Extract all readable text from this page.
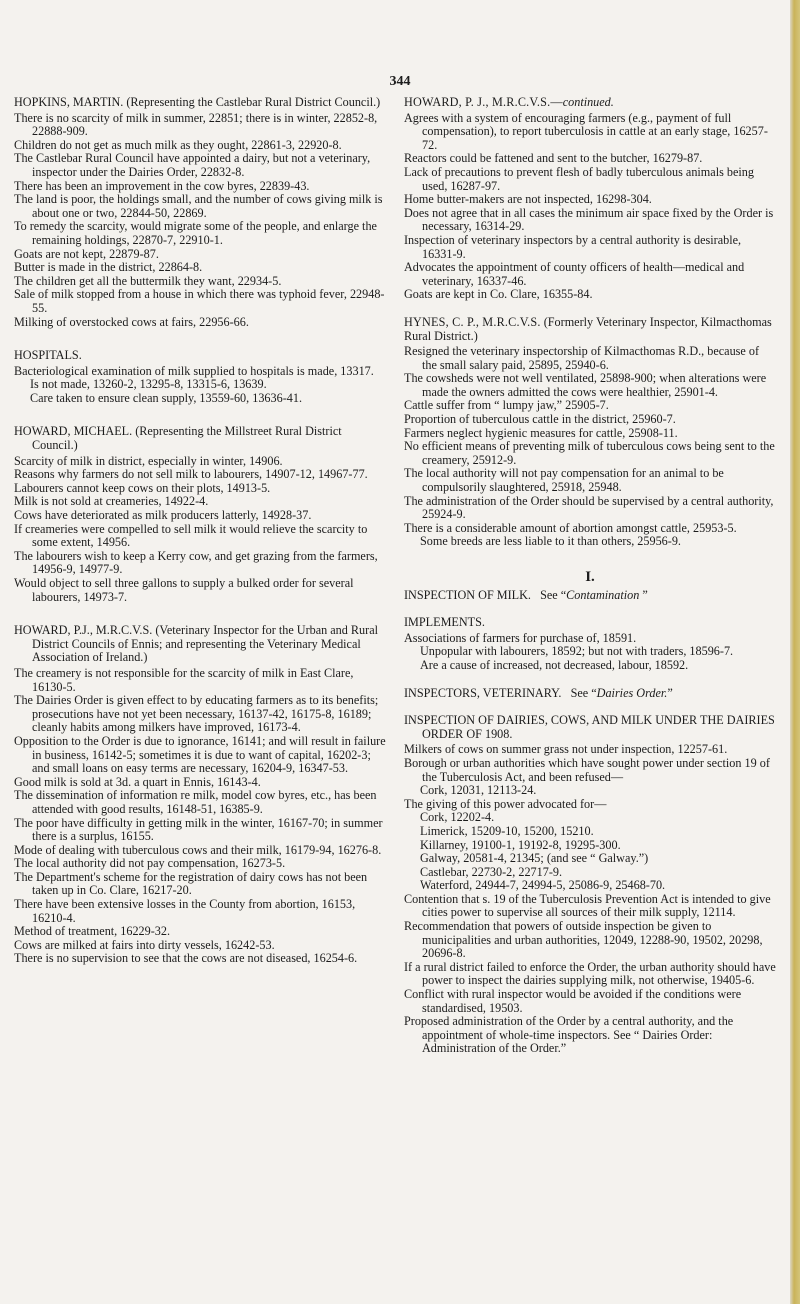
344
HOPKINS, MARTIN. (Representing the Castlebar Rural District Council.)

There is no scarcity of milk in summer, 22851; there is in winter, 22852-8, 22888-909.

Children do not get as much milk as they ought, 22861-3, 22920-8.

The Castlebar Rural Council have appointed a dairy, but not a veterinary, inspector under the Dairies Order, 22832-8.

There has been an improvement in the cow byres, 22839-43.

The land is poor, the holdings small, and the number of cows giving milk is about one or two, 22844-50, 22869.

To remedy the scarcity, would migrate some of the people, and enlarge the remaining holdings, 22870-7, 22910-1.

Goats are not kept, 22879-87.

Butter is made in the district, 22864-8.

The children get all the buttermilk they want, 22934-5.

Sale of milk stopped from a house in which there was typhoid fever, 22948-55.

Milking of overstocked cows at fairs, 22956-66.

HOSPITALS.

Bacteriological examination of milk supplied to hospitals is made, 13317.

Is not made, 13260-2, 13295-8, 13315-6, 13639.

Care taken to ensure clean supply, 13559-60, 13636-41.

HOWARD, MICHAEL. (Representing the Millstreet Rural District Council.)

Scarcity of milk in district, especially in winter, 14906.

Reasons why farmers do not sell milk to labourers, 14907-12, 14967-77.

Labourers cannot keep cows on their plots, 14913-5.

Milk is not sold at creameries, 14922-4.

Cows have deteriorated as milk producers latterly, 14928-37.

If creameries were compelled to sell milk it would relieve the scarcity to some extent, 14956.

The labourers wish to keep a Kerry cow, and get grazing from the farmers, 14956-9, 14977-9.

Would object to sell three gallons to supply a bulked order for several labourers, 14973-7.

HOWARD, P.J., M.R.C.V.S. (Veterinary Inspector for the Urban and Rural District Councils of Ennis; and representing the Veterinary Medical Association of Ireland.)

The creamery is not responsible for the scarcity of milk in East Clare, 16130-5.

The Dairies Order is given effect to by educating farmers as to its benefits; prosecutions have not yet been necessary, 16137-42, 16175-8, 16189; cleanly habits among milkers have improved, 16173-4.

Opposition to the Order is due to ignorance, 16141; and will result in failure in business, 16142-5; sometimes it is due to want of capital, 16202-3; and small loans on easy terms are necessary, 16204-9, 16347-53.

Good milk is sold at 3d. a quart in Ennis, 16143-4.

The dissemination of information re milk, model cow byres, etc., has been attended with good results, 16148-51, 16385-9.

The poor have difficulty in getting milk in the winter, 16167-70; in summer there is a surplus, 16155.

Mode of dealing with tuberculous cows and their milk, 16179-94, 16276-8.

The local authority did not pay compensation, 16273-5.

The Department's scheme for the registration of dairy cows has not been taken up in Co. Clare, 16217-20.

There have been extensive losses in the County from abortion, 16153, 16210-4.

Method of treatment, 16229-32.

Cows are milked at fairs into dirty vessels, 16242-53.

There is no supervision to see that the cows are not diseased, 16254-6.

HOWARD, P. J., M.R.C.V.S.—continued.

Agrees with a system of encouraging farmers (e.g., payment of full compensation), to report tuberculosis in cattle at an early stage, 16257-72.

Reactors could be fattened and sent to the butcher, 16279-87.

Lack of precautions to prevent flesh of badly tuberculous animals being used, 16287-97.

Home butter-makers are not inspected, 16298-304.

Does not agree that in all cases the minimum air space fixed by the Order is necessary, 16314-29.

Inspection of veterinary inspectors by a central authority is desirable, 16331-9.

Advocates the appointment of county officers of health—medical and veterinary, 16337-46.

Goats are kept in Co. Clare, 16355-84.

HYNES, C. P., M.R.C.V.S. (Formerly Veterinary Inspector, Kilmacthomas Rural District.)

Resigned the veterinary inspectorship of Kilmacthomas R.D., because of the small salary paid, 25895, 25940-6.

The cowsheds were not well ventilated, 25898-900; when alterations were made the owners admitted the cows were healthier, 25901-4.

Cattle suffer from “ lumpy jaw,” 25905-7.

Proportion of tuberculous cattle in the district, 25960-7.

Farmers neglect hygienic measures for cattle, 25908-11.

No efficient means of preventing milk of tuberculous cows being sent to the creamery, 25912-9.

The local authority will not pay compensation for an animal to be compulsorily slaughtered, 25918, 25948.

The administration of the Order should be supervised by a central authority, 25924-9.

There is a considerable amount of abortion amongst cattle, 25953-5.

Some breeds are less liable to it than others, 25956-9.

I.
INSPECTION OF MILK. See “Contamination ”
IMPLEMENTS.

Associations of farmers for purchase of, 18591.

Unpopular with labourers, 18592; but not with traders, 18596-7.

Are a cause of increased, not decreased, labour, 18592.

INSPECTORS, VETERINARY. See “Dairies Order.”
INSPECTION OF DAIRIES, COWS, AND MILK UNDER THE DAIRIES ORDER OF 1908.

Milkers of cows on summer grass not under inspection, 12257-61.

Borough or urban authorities which have sought power under section 19 of the Tuberculosis Act, and been refused—

Cork, 12031, 12113-24.

The giving of this power advocated for—

Cork, 12202-4.

Limerick, 15209-10, 15200, 15210.

Killarney, 19100-1, 19192-8, 19295-300.

Galway, 20581-4, 21345; (and see “ Galway.”)

Castlebar, 22730-2, 22717-9.

Waterford, 24944-7, 24994-5, 25086-9, 25468-70.

Contention that s. 19 of the Tuberculosis Prevention Act is intended to give cities power to supervise all sources of their milk supply, 12114.

Recommendation that powers of outside inspection be given to municipalities and urban authorities, 12049, 12288-90, 19502, 20298, 20696-8.

If a rural district failed to enforce the Order, the urban authority should have power to inspect the dairies supplying milk, not otherwise, 19405-6.

Conflict with rural inspector would be avoided if the conditions were standardised, 19503.

Proposed administration of the Order by a central authority, and the appointment of whole-time inspectors. See “ Dairies Order: Administration of the Order.”
